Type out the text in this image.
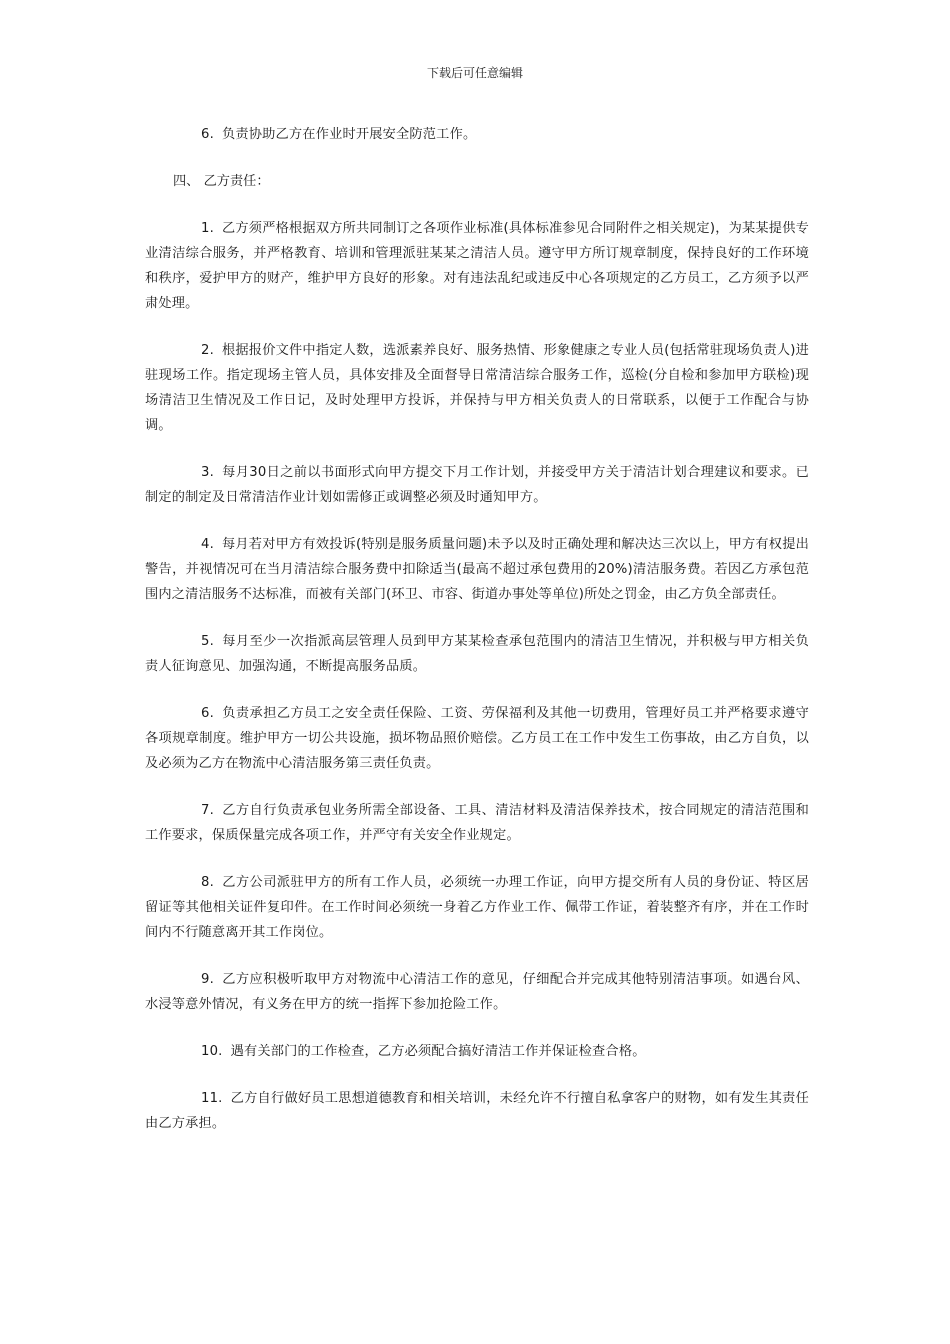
下载后可任意编辑

6. 负责协助乙方在作业时开展安全防范工作。

四、 乙方责任：

1. 乙方须严格根据双方所共同制订之各项作业标准(具体标准参见合同附件之相关规定)，为某某提供专业清洁综合服务，并严格教育、培训和管理派驻某某之清洁人员。遵守甲方所订规章制度，保持良好的工作环境和秩序，爱护甲方的财产，维护甲方良好的形象。对有违法乱纪或违反中心各项规定的乙方员工，乙方须予以严肃处理。

2. 根据报价文件中指定人数，选派素养良好、服务热情、形象健康之专业人员(包括常驻现场负责人)进驻现场工作。指定现场主管人员，具体安排及全面督导日常清洁综合服务工作，巡检(分自检和参加甲方联检)现场清洁卫生情况及工作日记，及时处理甲方投诉，并保持与甲方相关负责人的日常联系，以便于工作配合与协调。

3. 每月30日之前以书面形式向甲方提交下月工作计划，并接受甲方关于清洁计划合理建议和要求。已制定的制定及日常清洁作业计划如需修正或调整必须及时通知甲方。

4. 每月若对甲方有效投诉(特别是服务质量问题)未予以及时正确处理和解决达三次以上，甲方有权提出警告，并视情况可在当月清洁综合服务费中扣除适当(最高不超过承包费用的20%)清洁服务费。若因乙方承包范围内之清洁服务不达标准，而被有关部门(环卫、市容、街道办事处等单位)所处之罚金，由乙方负全部责任。

5. 每月至少一次指派高层管理人员到甲方某某检查承包范围内的清洁卫生情况，并积极与甲方相关负责人征询意见、加强沟通，不断提高服务品质。

6. 负责承担乙方员工之安全责任保险、工资、劳保福利及其他一切费用，管理好员工并严格要求遵守各项规章制度。维护甲方一切公共设施，损坏物品照价赔偿。乙方员工在工作中发生工伤事故，由乙方自负，以及必须为乙方在物流中心清洁服务第三责任负责。

7. 乙方自行负责承包业务所需全部设备、工具、清洁材料及清洁保养技术，按合同规定的清洁范围和工作要求，保质保量完成各项工作，并严守有关安全作业规定。

8. 乙方公司派驻甲方的所有工作人员，必须统一办理工作证，向甲方提交所有人员的身份证、特区居留证等其他相关证件复印件。在工作时间必须统一身着乙方作业工作、佩带工作证，着装整齐有序，并在工作时间内不行随意离开其工作岗位。

9. 乙方应积极听取甲方对物流中心清洁工作的意见，仔细配合并完成其他特别清洁事项。如遇台风、水浸等意外情况，有义务在甲方的统一指挥下参加抢险工作。

10. 遇有关部门的工作检查，乙方必须配合搞好清洁工作并保证检查合格。

11. 乙方自行做好员工思想道德教育和相关培训，未经允许不行擅自私拿客户的财物，如有发生其责任由乙方承担。
